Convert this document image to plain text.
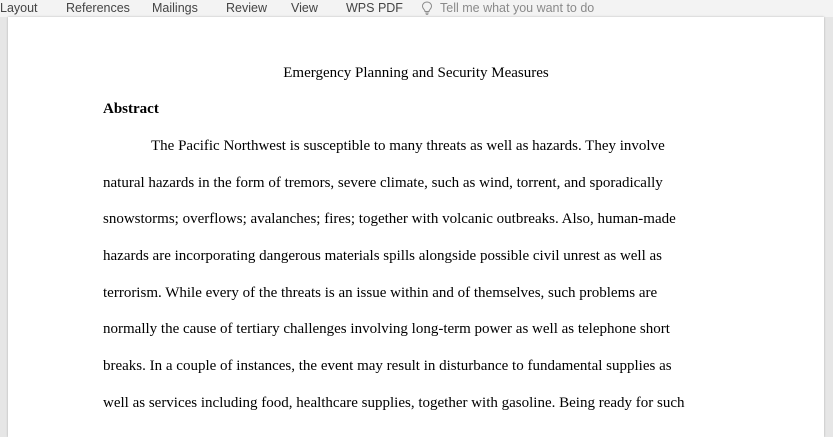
Layout References Mailings Review View WPS PDF	Tell me what you want to do
Emergency Planning and Security Measures
Abstract
The Pacific Northwest is susceptible to many threats as well as hazards. They involve
natural hazards in the form of tremors, severe climate, such as wind, torrent, and sporadically
snowstorms; overflows; avalanches; fires; together with volcanic outbreaks. Also, human-made
hazards are incorporating dangerous materials spills alongside possible civil unrest as well as
terrorism. While every of the threats is an issue within and of themselves, such problems are
normally the cause of tertiary challenges involving long-term power as well as telephone short
breaks. In a couple of instances, the event may result in disturbance to fundamental supplies as
well as services including food, healthcare supplies, together with gasoline. Being ready for such
